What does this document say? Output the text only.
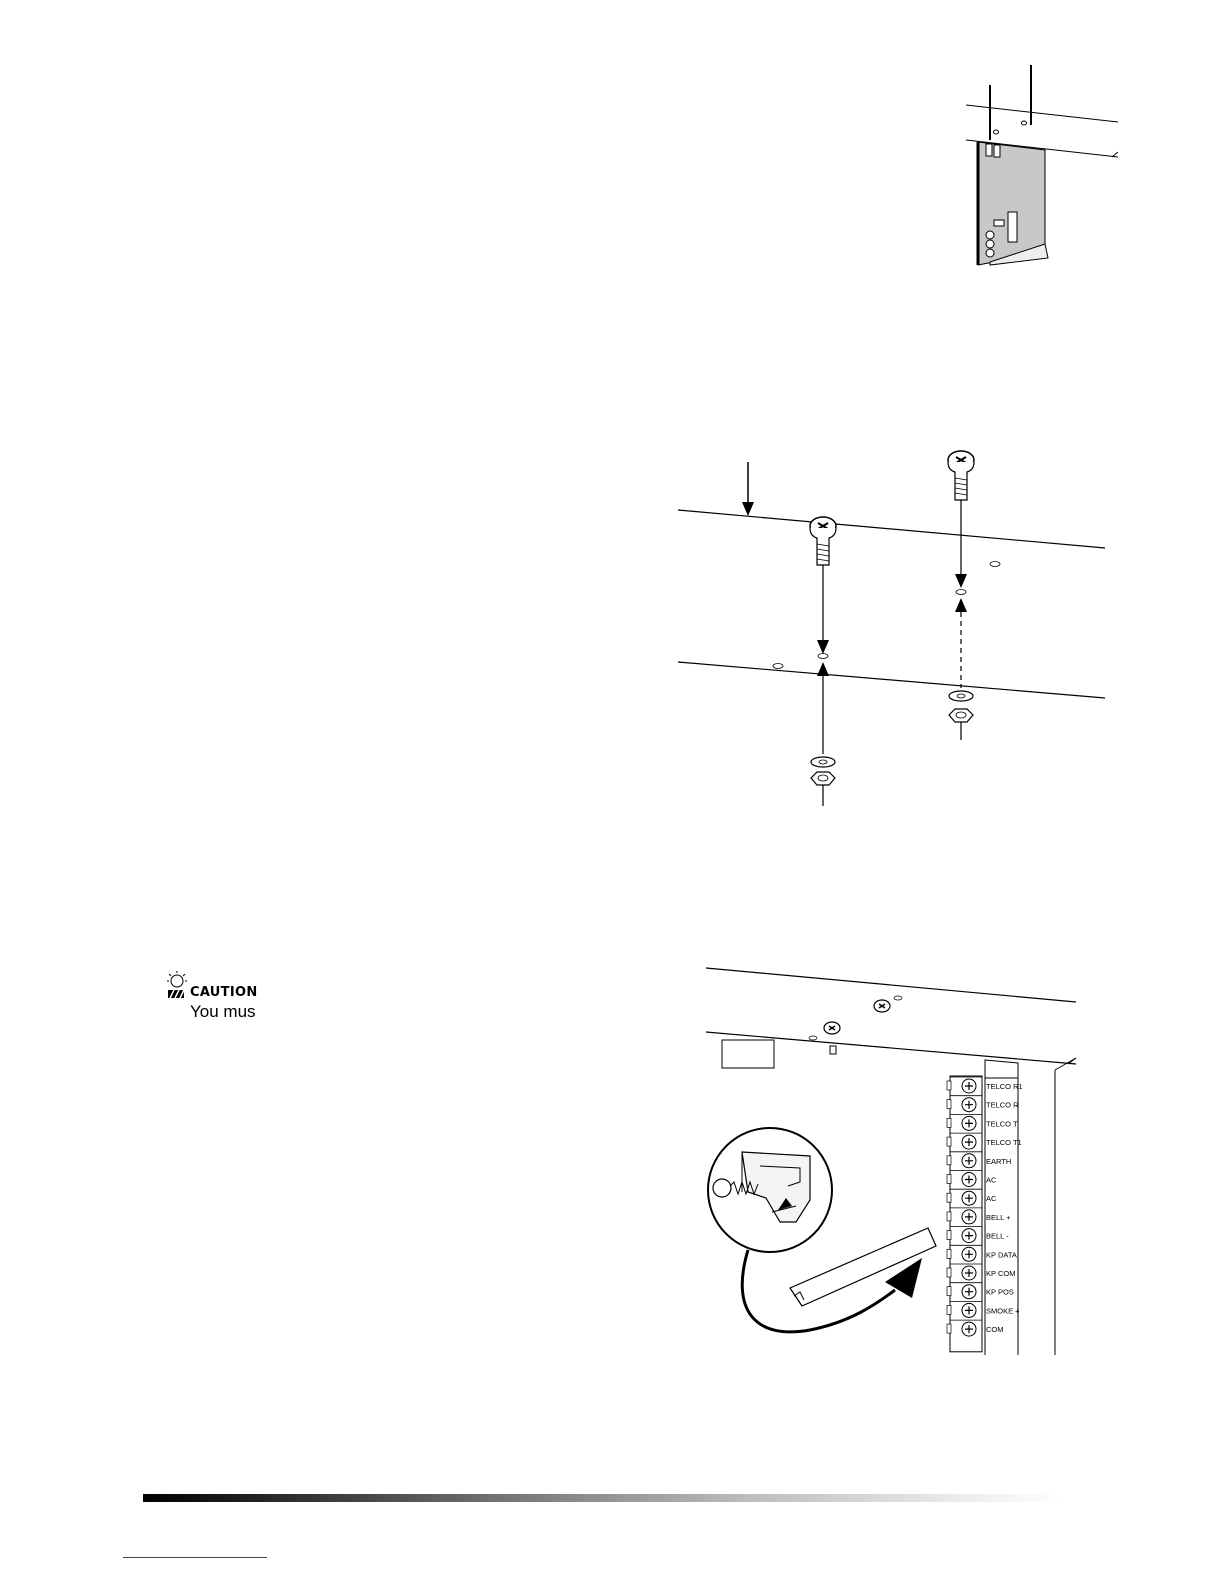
CAUTION
You mus
TELCO R1
TELCO R
TELCO T
TELCO T1
EARTH
AC
AC
BELL +
BELL -
KP DATA
KP COM
KP POS
SMOKE +
COM
